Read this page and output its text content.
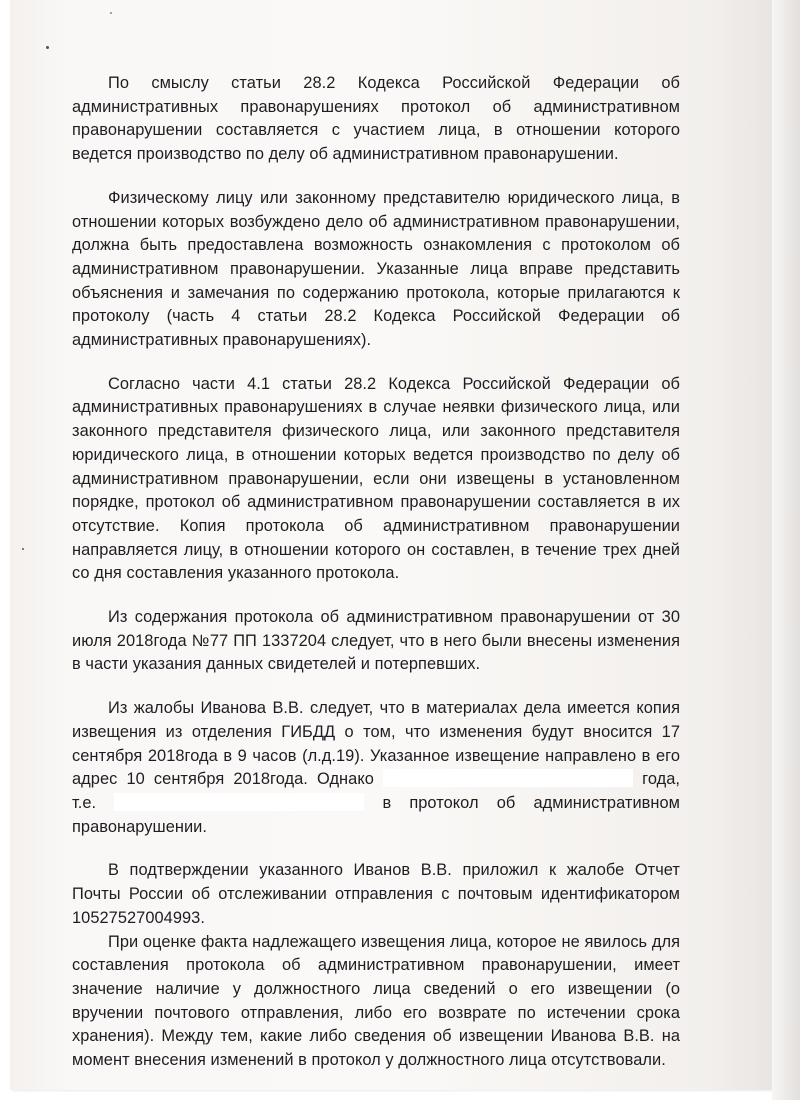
По смыслу статьи 28.2 Кодекса Российской Федерации об административных правонарушениях протокол об административном правонарушении составляется с участием лица, в отношении которого ведется производство по делу об административном правонарушении.

Физическому лицу или законному представителю юридического лица, в отношении которых возбуждено дело об административном правонарушении, должна быть предоставлена возможность ознакомления с протоколом об административном правонарушении. Указанные лица вправе представить объяснения и замечания по содержанию протокола, которые прилагаются к протоколу (часть 4 статьи 28.2 Кодекса Российской Федерации об административных правонарушениях).

Согласно части 4.1 статьи 28.2 Кодекса Российской Федерации об административных правонарушениях в случае неявки физического лица, или законного представителя физического лица, или законного представителя юридического лица, в отношении которых ведется производство по делу об административном правонарушении, если они извещены в установленном порядке, протокол об административном правонарушении составляется в их отсутствие. Копия протокола об административном правонарушении направляется лицу, в отношении которого он составлен, в течение трех дней со дня составления указанного протокола.

Из содержания протокола об административном правонарушении от 30 июля 2018года №77 ПП 1337204 следует, что в него были внесены изменения в части указания данных свидетелей и потерпевших.

Из жалобы Иванова В.В. следует, что в материалах дела имеется копия извещения из отделения ГИБДД о том, что изменения будут вносится 17 сентября 2018года в 9 часов (л.д.19). Указанное извещение направлено в его адрес 10 сентября 2018года. Однако	года, т.е.	в протокол об административном правонарушении.

В подтверждении указанного Иванов В.В. приложил к жалобе Отчет Почты России об отслеживании отправления с почтовым идентификатором 10527527004993.

При оценке факта надлежащего извещения лица, которое не явилось для составления протокола об административном правонарушении, имеет значение наличие у должностного лица сведений о его извещении (о вручении почтового отправления, либо его возврате по истечении срока хранения). Между тем, какие либо сведения об извещении Иванова В.В. на момент внесения изменений в протокол у должностного лица отсутствовали.
